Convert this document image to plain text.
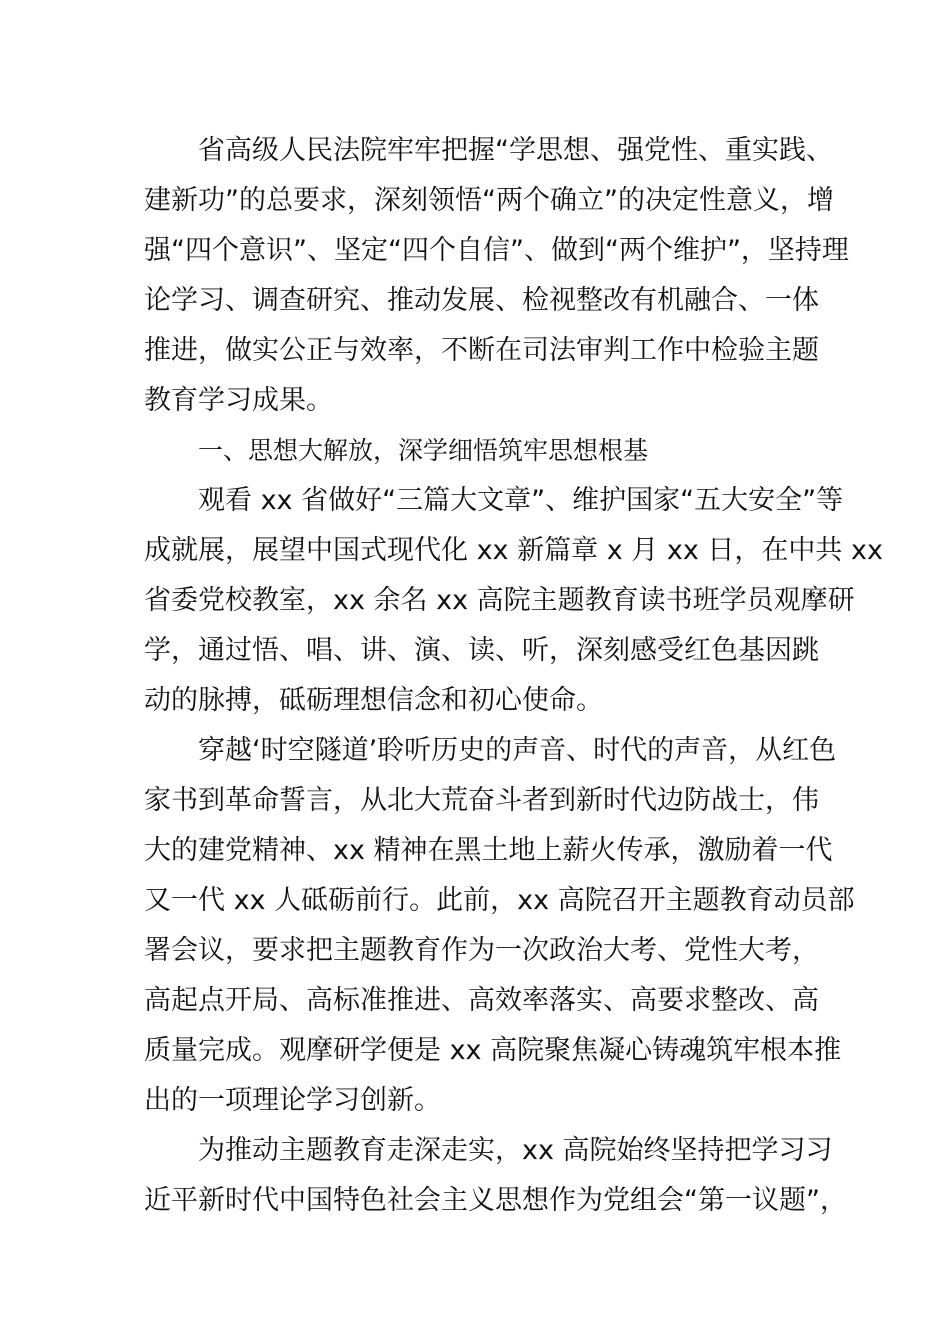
省高级人民法院牢牢把握“学思想、强党性、重实践、
建新功”的总要求，深刻领悟“两个确立”的决定性意义，增
强“四个意识”、坚定“四个自信”、做到“两个维护”，坚持理
论学习、调查研究、推动发展、检视整改有机融合、一体
推进，做实公正与效率，不断在司法审判工作中检验主题
教育学习成果。
一、思想大解放，深学细悟筑牢思想根基
观看 xx 省做好“三篇大文章”、维护国家“五大安全”等
成就展，展望中国式现代化 xx 新篇章 x 月 xx 日，在中共 xx
省委党校教室，xx 余名 xx 高院主题教育读书班学员观摩研
学，通过悟、唱、讲、演、读、听，深刻感受红色基因跳
动的脉搏，砥砺理想信念和初心使命。
穿越‘时空隧道’聆听历史的声音、时代的声音，从红色
家书到革命誓言，从北大荒奋斗者到新时代边防战士，伟
大的建党精神、xx 精神在黑土地上薪火传承，激励着一代
又一代 xx 人砥砺前行。此前，xx 高院召开主题教育动员部
署会议，要求把主题教育作为一次政治大考、党性大考，
高起点开局、高标准推进、高效率落实、高要求整改、高
质量完成。观摩研学便是 xx 高院聚焦凝心铸魂筑牢根本推
出的一项理论学习创新。
为推动主题教育走深走实，xx 高院始终坚持把学习习
近平新时代中国特色社会主义思想作为党组会“第一议题”，
